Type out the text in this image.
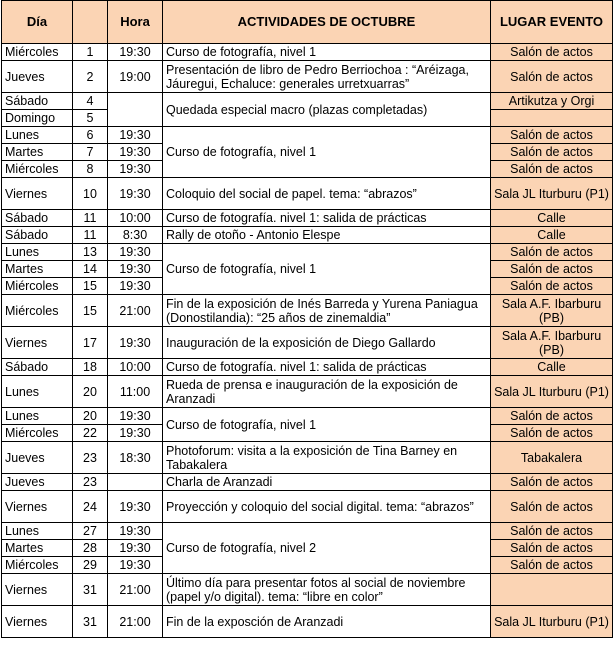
Día		Hora	ACTIVIDADES DE OCTUBRE	LUGAR EVENTO
Miércoles	1	19:30	Curso de fotografía, nivel 1	Salón de actos
Jueves	2	19:00	Presentación de libro de Pedro Berriochoa : “Aréizaga, Jáuregui, Echaluce: generales urretxuarras”	Salón de actos
Sábado	4		Quedada especial macro (plazas completadas)	Artikutza y Orgi
Domingo	5			
Lunes	6	19:30	Curso de fotografía, nivel 1	Salón de actos
Martes	7	19:30		Salón de actos
Miércoles	8	19:30		Salón de actos
Viernes	10	19:30	Coloquio del social de papel. tema: “abrazos”	Sala JL Iturburu (P1)
Sábado	11	10:00	Curso de fotografía. nivel 1: salida de prácticas	Calle
Sábado	11	8:30	Rally de otoño - Antonio Elespe	Calle
Lunes	13	19:30	Curso de fotografía, nivel 1	Salón de actos
Martes	14	19:30		Salón de actos
Miércoles	15	19:30		Salón de actos
Miércoles	15	21:00	Fin de la exposición de Inés Barreda y Yurena Paniagua (Donostilandia): “25 años de zinemaldia”	Sala A.F. Ibarburu (PB)
Viernes	17	19:30	Inauguración de la exposición de Diego Gallardo	Sala A.F. Ibarburu (PB)
Sábado	18	10:00	Curso de fotografía. nivel 1: salida de prácticas	Calle
Lunes	20	11:00	Rueda de prensa e inauguración de la exposición de Aranzadi	Sala JL Iturburu (P1)
Lunes	20	19:30	Curso de fotografía, nivel 1	Salón de actos
Miércoles	22	19:30		Salón de actos
Jueves	23	18:30	Photoforum: visita a la exposición de Tina Barney en Tabakalera	Tabakalera
Jueves	23		Charla de Aranzadi	Salón de actos
Viernes	24	19:30	Proyección y coloquio del social digital. tema: “abrazos”	Salón de actos
Lunes	27	19:30	Curso de fotografía, nivel 2	Salón de actos
Martes	28	19:30		Salón de actos
Miércoles	29	19:30		Salón de actos
Viernes	31	21:00	Último día para presentar fotos al social de noviembre (papel y/o digital). tema: “libre en color”	
Viernes	31	21:00	Fin de la exposción de Aranzadi	Sala JL Iturburu (P1)
